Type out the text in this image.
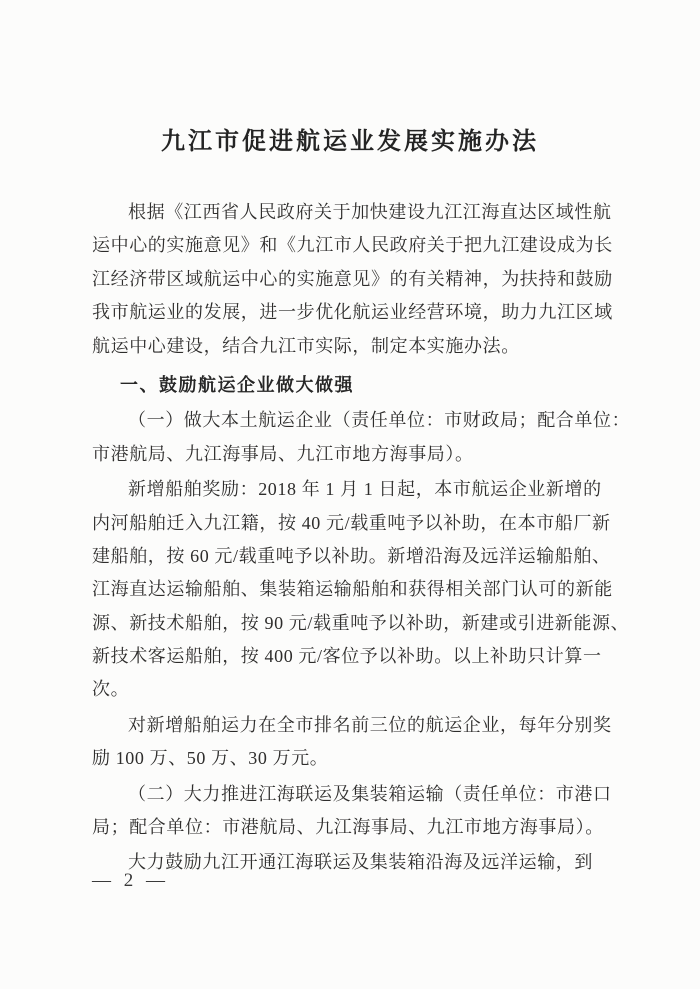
九江市促进航运业发展实施办法
根据《江西省人民政府关于加快建设九江江海直达区域性航
运中心的实施意见》和《九江市人民政府关于把九江建设成为长
江经济带区域航运中心的实施意见》的有关精神，为扶持和鼓励
我市航运业的发展，进一步优化航运业经营环境，助力九江区域
航运中心建设，结合九江市实际，制定本实施办法。
一、鼓励航运企业做大做强
（一）做大本土航运企业（责任单位：市财政局；配合单位：
市港航局、九江海事局、九江市地方海事局）。
新增船舶奖励：2018 年 1 月 1 日起，本市航运企业新增的
内河船舶迁入九江籍，按 40 元/载重吨予以补助，在本市船厂新
建船舶，按 60 元/载重吨予以补助。新增沿海及远洋运输船舶、
江海直达运输船舶、集装箱运输船舶和获得相关部门认可的新能
源、新技术船舶，按 90 元/载重吨予以补助，新建或引进新能源、
新技术客运船舶，按 400 元/客位予以补助。以上补助只计算一
次。
对新增船舶运力在全市排名前三位的航运企业，每年分别奖
励 100 万、50 万、30 万元。
（二）大力推进江海联运及集装箱运输（责任单位：市港口
局；配合单位：市港航局、九江海事局、九江市地方海事局）。
大力鼓励九江开通江海联运及集装箱沿海及远洋运输，到
— 2 —
